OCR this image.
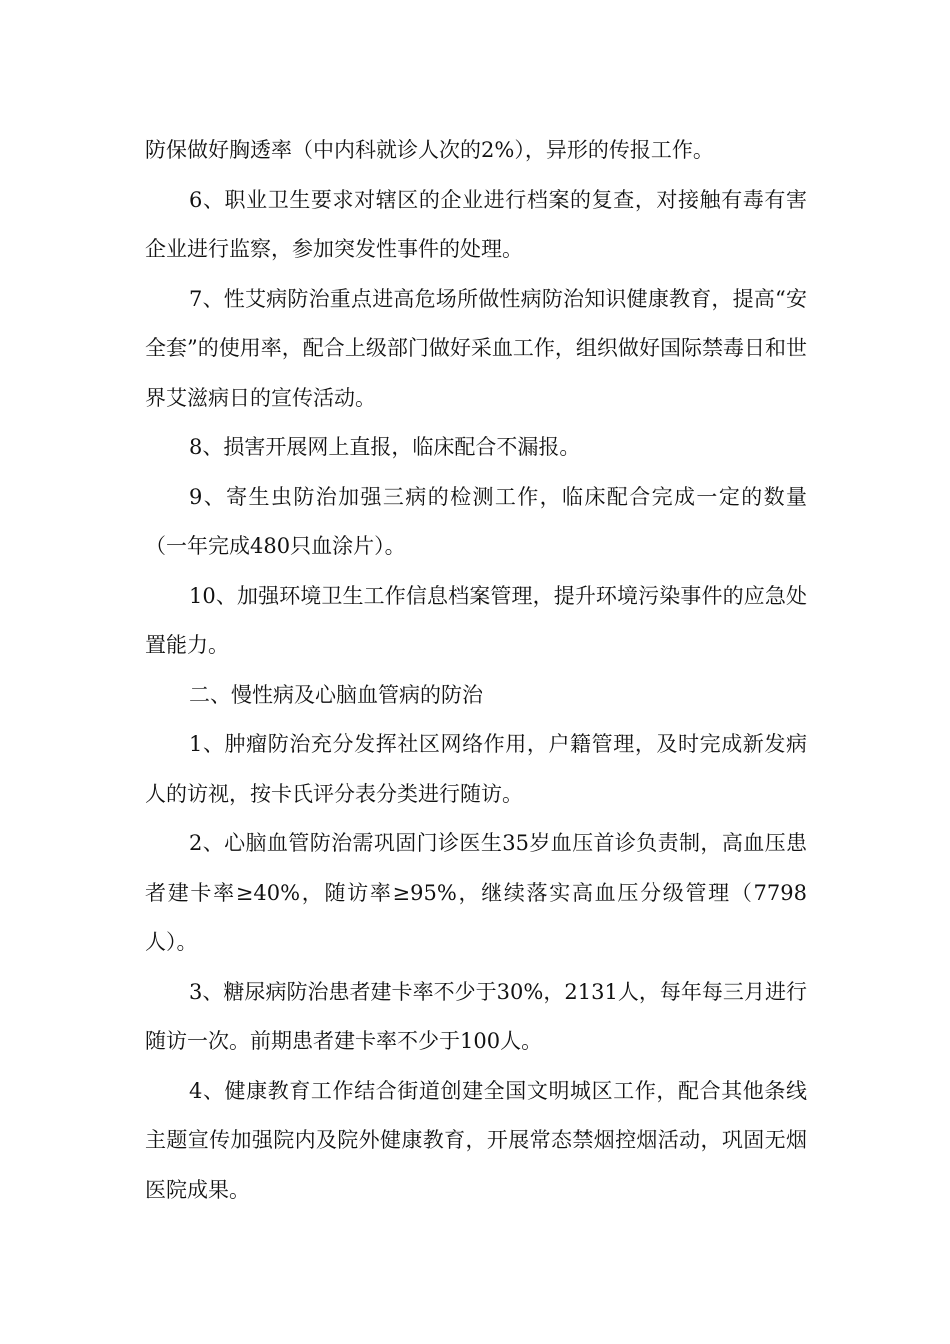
防保做好胸透率（中内科就诊人次的2%），异形的传报工作。

6、职业卫生要求对辖区的企业进行档案的复查，对接触有毒有害企业进行监察，参加突发性事件的处理。

7、性艾病防治重点进高危场所做性病防治知识健康教育，提高“安全套”的使用率，配合上级部门做好采血工作，组织做好国际禁毒日和世界艾滋病日的宣传活动。

8、损害开展网上直报，临床配合不漏报。

9、寄生虫防治加强三病的检测工作，临床配合完成一定的数量（一年完成480只血涂片）。

10、加强环境卫生工作信息档案管理，提升环境污染事件的应急处置能力。

二、慢性病及心脑血管病的防治

1、肿瘤防治充分发挥社区网络作用，户籍管理，及时完成新发病人的访视，按卡氏评分表分类进行随访。

2、心脑血管防治需巩固门诊医生35岁血压首诊负责制，高血压患者建卡率≥40%，随访率≥95%，继续落实高血压分级管理（7798人）。

3、糖尿病防治患者建卡率不少于30%，2131人，每年每三月进行随访一次。前期患者建卡率不少于100人。

4、健康教育工作结合街道创建全国文明城区工作，配合其他条线主题宣传加强院内及院外健康教育，开展常态禁烟控烟活动，巩固无烟医院成果。
